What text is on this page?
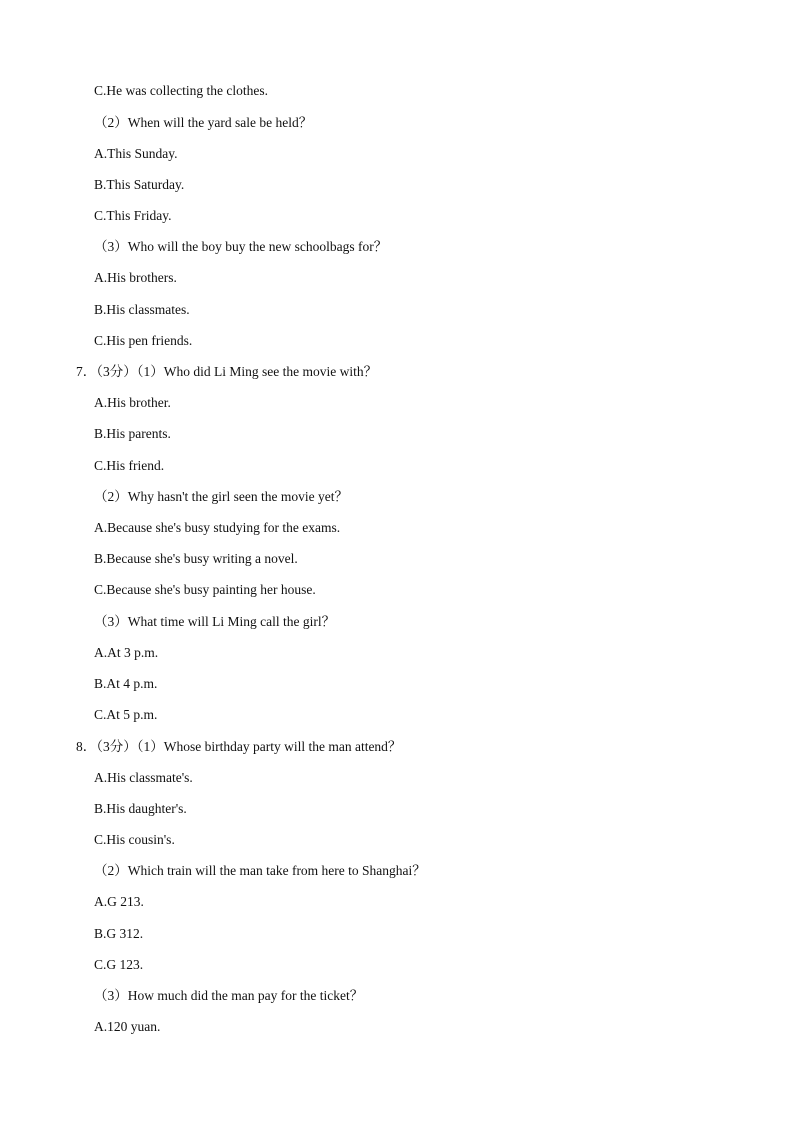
C.He was collecting the clothes.
（2）When will the yard sale be held？
A.This Sunday.
B.This Saturday.
C.This Friday.
（3）Who will the boy buy the new schoolbags for？
A.His brothers.
B.His classmates.
C.His pen friends.
7．（3分）（1）Who did Li Ming see the movie with？
A.His brother.
B.His parents.
C.His friend.
（2）Why hasn't the girl seen the movie yet？
A.Because she's busy studying for the exams.
B.Because she's busy writing a novel.
C.Because she's busy painting her house.
（3）What time will Li Ming call the girl？
A.At 3 p.m.
B.At 4 p.m.
C.At 5 p.m.
8．（3分）（1）Whose birthday party will the man attend？
A.His classmate's.
B.His daughter's.
C.His cousin's.
（2）Which train will the man take from here to Shanghai？
A.G 213.
B.G 312.
C.G 123.
（3）How much did the man pay for the ticket？
A.120 yuan.
